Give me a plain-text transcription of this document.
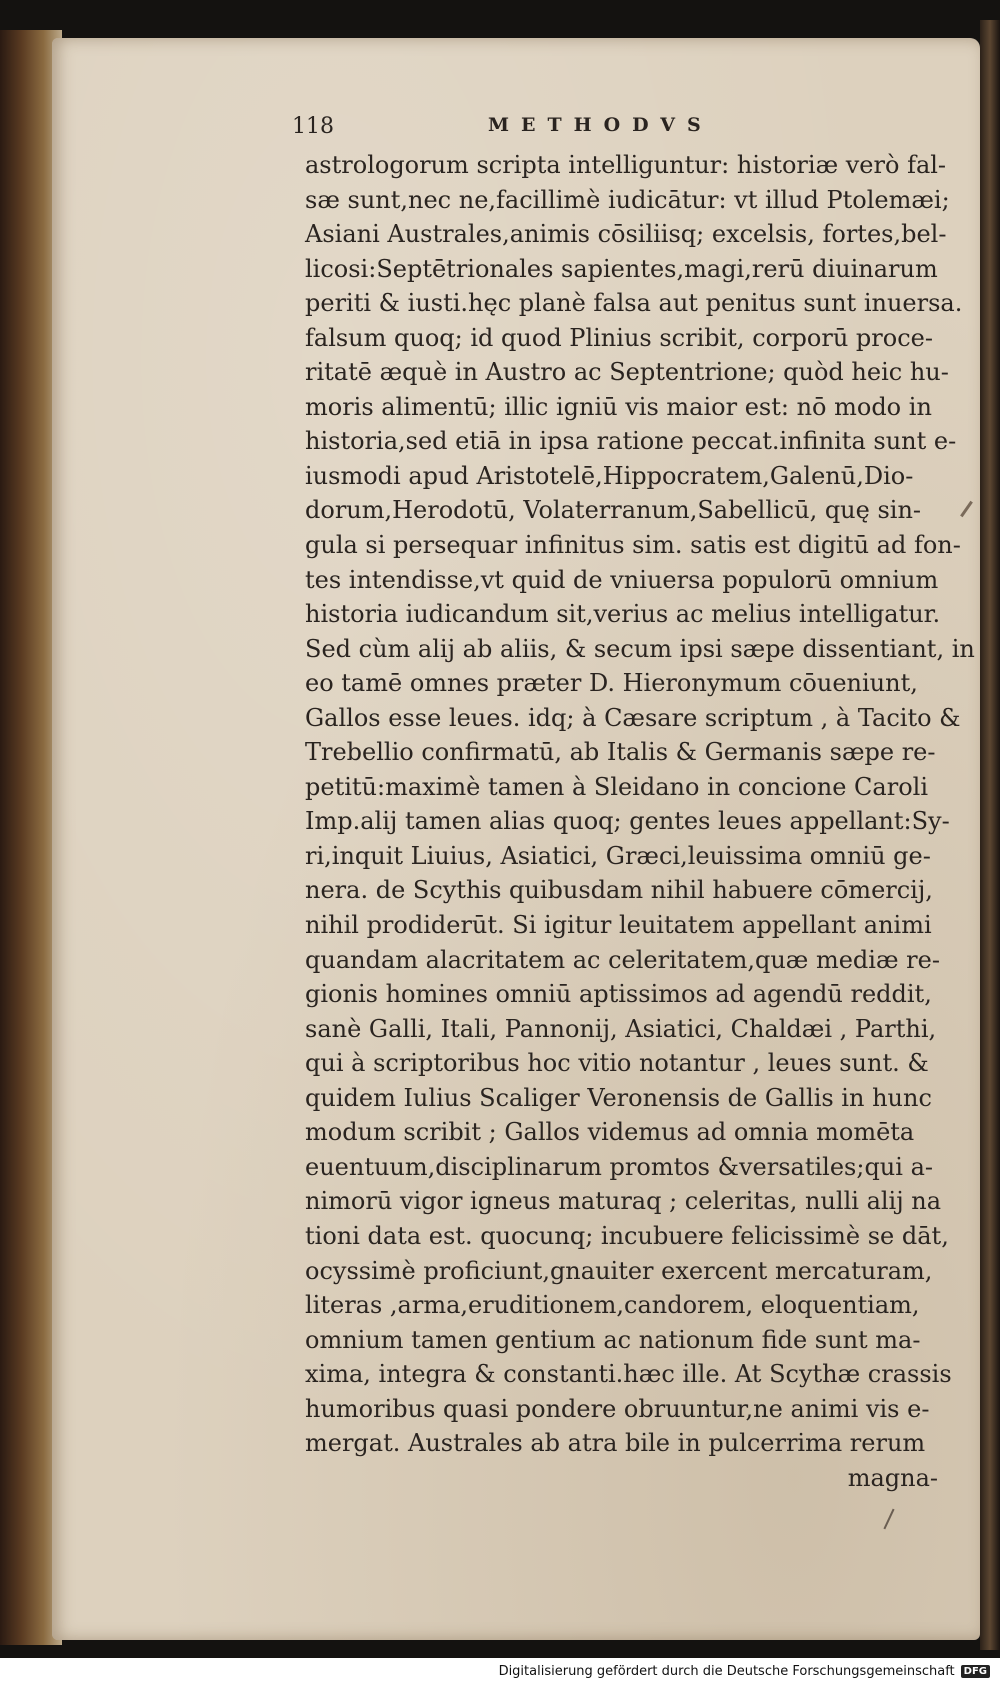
118	METHODVS
astrologorum scripta intelliguntur: historiæ verò fal-
sæ sunt,nec ne,facillimè iudicātur: vt illud Ptolemæi;
Asiani Australes,animis cōsiliisq; excelsis, fortes,bel-
licosi:Septētrionales sapientes,magi,rerū diuinarum
periti & iusti.hęc planè falsa aut penitus sunt inuersa.
falsum quoq; id quod Plinius scribit, corporū proce-
ritatē æquè in Austro ac Septentrione; quòd heic hu-
moris alimentū; illic igniū vis maior est: nō modo in
historia,sed etiā in ipsa ratione peccat.infinita sunt e-
iusmodi apud Aristotelē,Hippocratem,Galenū,Dio-
dorum,Herodotū, Volaterranum,Sabellicū, quę sin-
gula si persequar infinitus sim. satis est digitū ad fon-
tes intendisse,vt quid de vniuersa populorū omnium
historia iudicandum sit,verius ac melius intelligatur.
Sed cùm alij ab aliis, & secum ipsi sæpe dissentiant, in
eo tamē omnes præter D. Hieronymum cōueniunt,
Gallos esse leues. idq; à Cæsare scriptum , à Tacito &
Trebellio confirmatū, ab Italis & Germanis sæpe re-
petitū:maximè tamen à Sleidano in concione Caroli
Imp.alij tamen alias quoq; gentes leues appellant:Sy-
ri,inquit Liuius, Asiatici, Græci,leuissima omniū ge-
nera. de Scythis quibusdam nihil habuere cōmercij,
nihil prodiderūt. Si igitur leuitatem appellant animi
quandam alacritatem ac celeritatem,quæ mediæ re-
gionis homines omniū aptissimos ad agendū reddit,
sanè Galli, Itali, Pannonij, Asiatici, Chaldæi , Parthi,
qui à scriptoribus hoc vitio notantur , leues sunt. &
quidem Iulius Scaliger Veronensis de Gallis in hunc
modum scribit ; Gallos videmus ad omnia momēta
euentuum,disciplinarum promtos &versatiles;qui a-
nimorū vigor igneus maturaq ; celeritas, nulli alij na
tioni data est. quocunq; incubuere felicissimè se dāt,
ocyssimè proficiunt,gnauiter exercent mercaturam,
literas ,arma,eruditionem,candorem, eloquentiam,
omnium tamen gentium ac nationum fide sunt ma-
xima, integra & constanti.hæc ille. At Scythæ crassis
humoribus quasi pondere obruuntur,ne animi vis e-
mergat. Australes ab atra bile in pulcerrima rerum
magna-
Digitalisierung gefördert durch die Deutsche Forschungsgemeinschaft DFG
